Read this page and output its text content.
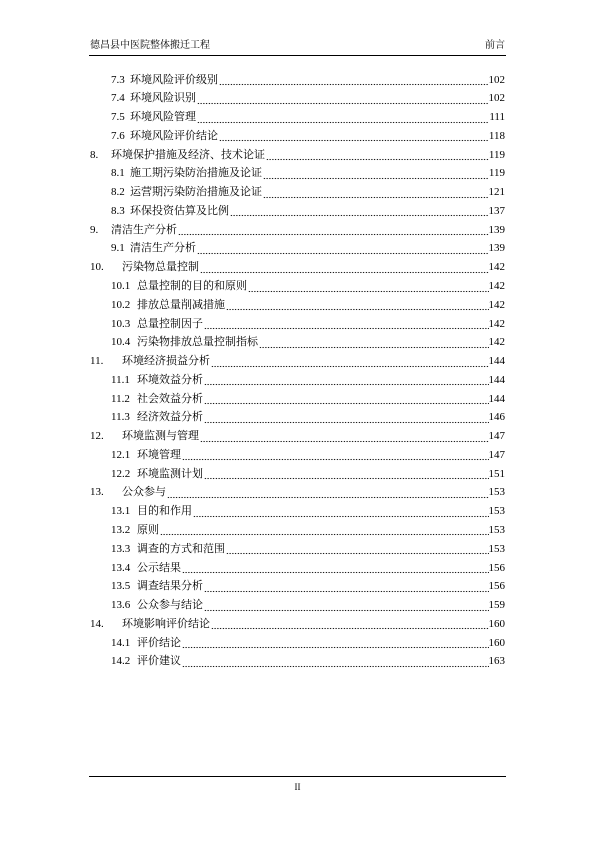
德昌县中医院整体搬迁工程	前言
7.3 环境风险评价级别	102
7.4 环境风险识别	102
7.5 环境风险管理	111
7.6 环境风险评价结论	118
8.	环境保护措施及经济、技术论证	119
8.1 施工期污染防治措施及论证	119
8.2 运营期污染防治措施及论证	121
8.3 环保投资估算及比例	137
9.	清洁生产分析	139
9.1 清洁生产分析	139
10.	污染物总量控制	142
10.1 总量控制的目的和原则	142
10.2 排放总量削减措施	142
10.3 总量控制因子	142
10.4 污染物排放总量控制指标	142
11.	环境经济损益分析	144
11.1 环境效益分析	144
11.2 社会效益分析	144
11.3 经济效益分析	146
12.	环境监测与管理	147
12.1 环境管理	147
12.2 环境监测计划	151
13.	公众参与	153
13.1 目的和作用	153
13.2 原则	153
13.3 调查的方式和范围	153
13.4 公示结果	156
13.5 调查结果分析	156
13.6 公众参与结论	159
14.	环境影响评价结论	160
14.1 评价结论	160
14.2 评价建议	163
II
